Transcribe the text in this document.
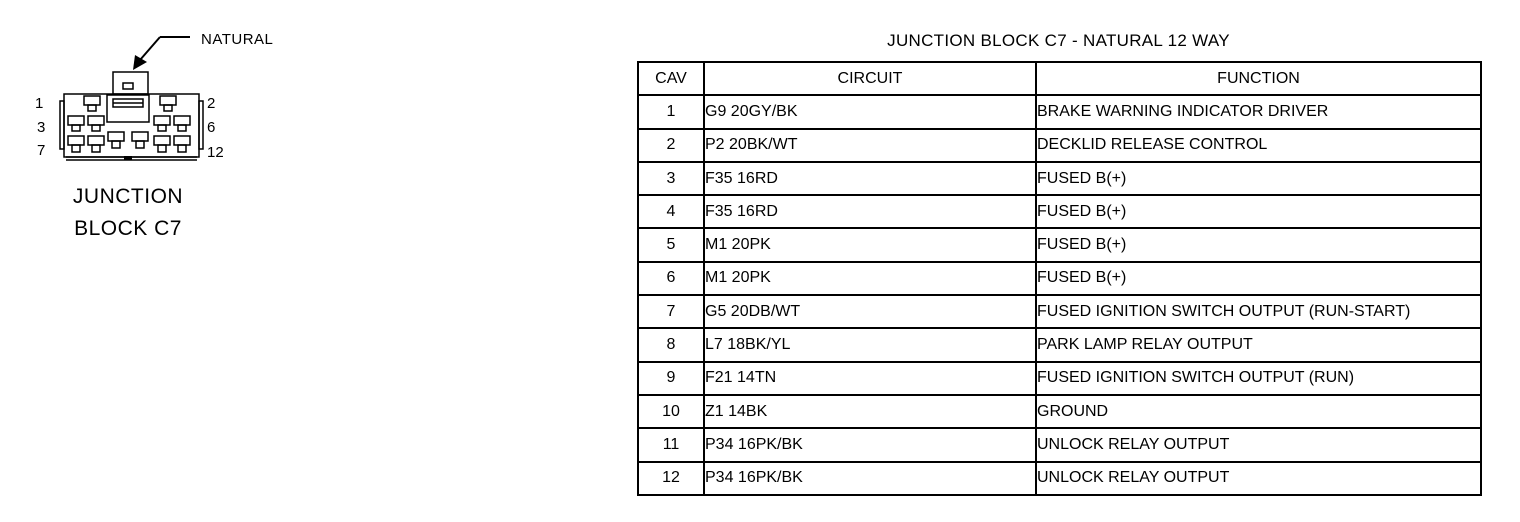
NATURAL
1
3
7
2
6
12
JUNCTION
BLOCK C7
JUNCTION BLOCK C7 - NATURAL 12 WAY
CAV	CIRCUIT	FUNCTION
1	G9 20GY/BK	BRAKE WARNING INDICATOR DRIVER
2	P2 20BK/WT	DECKLID RELEASE CONTROL
3	F35 16RD	FUSED B(+)
4	F35 16RD	FUSED B(+)
5	M1 20PK	FUSED B(+)
6	M1 20PK	FUSED B(+)
7	G5 20DB/WT	FUSED IGNITION SWITCH OUTPUT (RUN-START)
8	L7 18BK/YL	PARK LAMP RELAY OUTPUT
9	F21 14TN	FUSED IGNITION SWITCH OUTPUT (RUN)
10	Z1 14BK	GROUND
11	P34 16PK/BK	UNLOCK RELAY OUTPUT
12	P34 16PK/BK	UNLOCK RELAY OUTPUT
